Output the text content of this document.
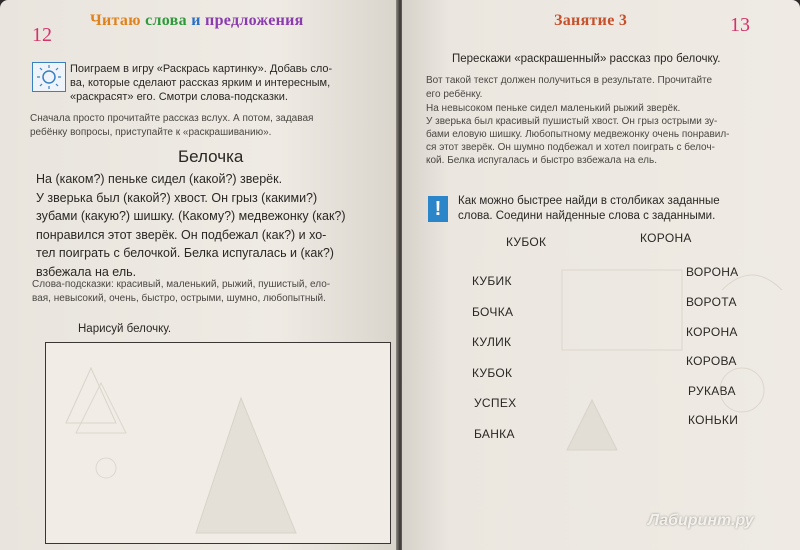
12
Читаю слова и предложения
Поиграем в игру «Раскрась картинку». Добавь сло-
ва, которые сделают рассказ ярким и интересным,
«раскрасят» его. Смотри слова-подсказки.
Сначала просто прочитайте рассказ вслух. А потом, задавая
ребёнку вопросы, приступайте к «раскрашиванию».
Белочка
На (каком?) пеньке сидел (какой?) зверёк.
У зверька был (какой?) хвост. Он грыз (какими?)
зубами (какую?) шишку. (Какому?) медвежонку (как?)
понравился этот зверёк. Он подбежал (как?) и хо-
тел поиграть с белочкой. Белка испугалась и (как?)
взбежала на ель.
Слова-подсказки: красивый, маленький, рыжий, пушистый, ело-
вая, невысокий, очень, быстро, острыми, шумно, любопытный.
Нарисуй белочку.
Занятие 3	13
Перескажи «раскрашенный» рассказ про белочку.
Вот такой текст должен получиться в результате. Прочитайте
его ребёнку.
На невысоком пеньке сидел маленький рыжий зверёк.
У зверька был красивый пушистый хвост. Он грыз острыми зу-
бами еловую шишку. Любопытному медвежонку очень понравил-
ся этот зверёк. Он шумно подбежал и хотел поиграть с белоч-
кой. Белка испугалась и быстро взбежала на ель.
!	Как можно быстрее найди в столбиках заданные
слова. Соедини найденные слова с заданными.
КУБОК	КОРОНА
КУБИК
БОЧКА
КУЛИК
КУБОК
УСПЕХ
БАНКА
ВОРОНА
ВОРОТА
КОРОНА
КОРОВА
РУКАВА
КОНЬКИ
Лабиринт.ру
